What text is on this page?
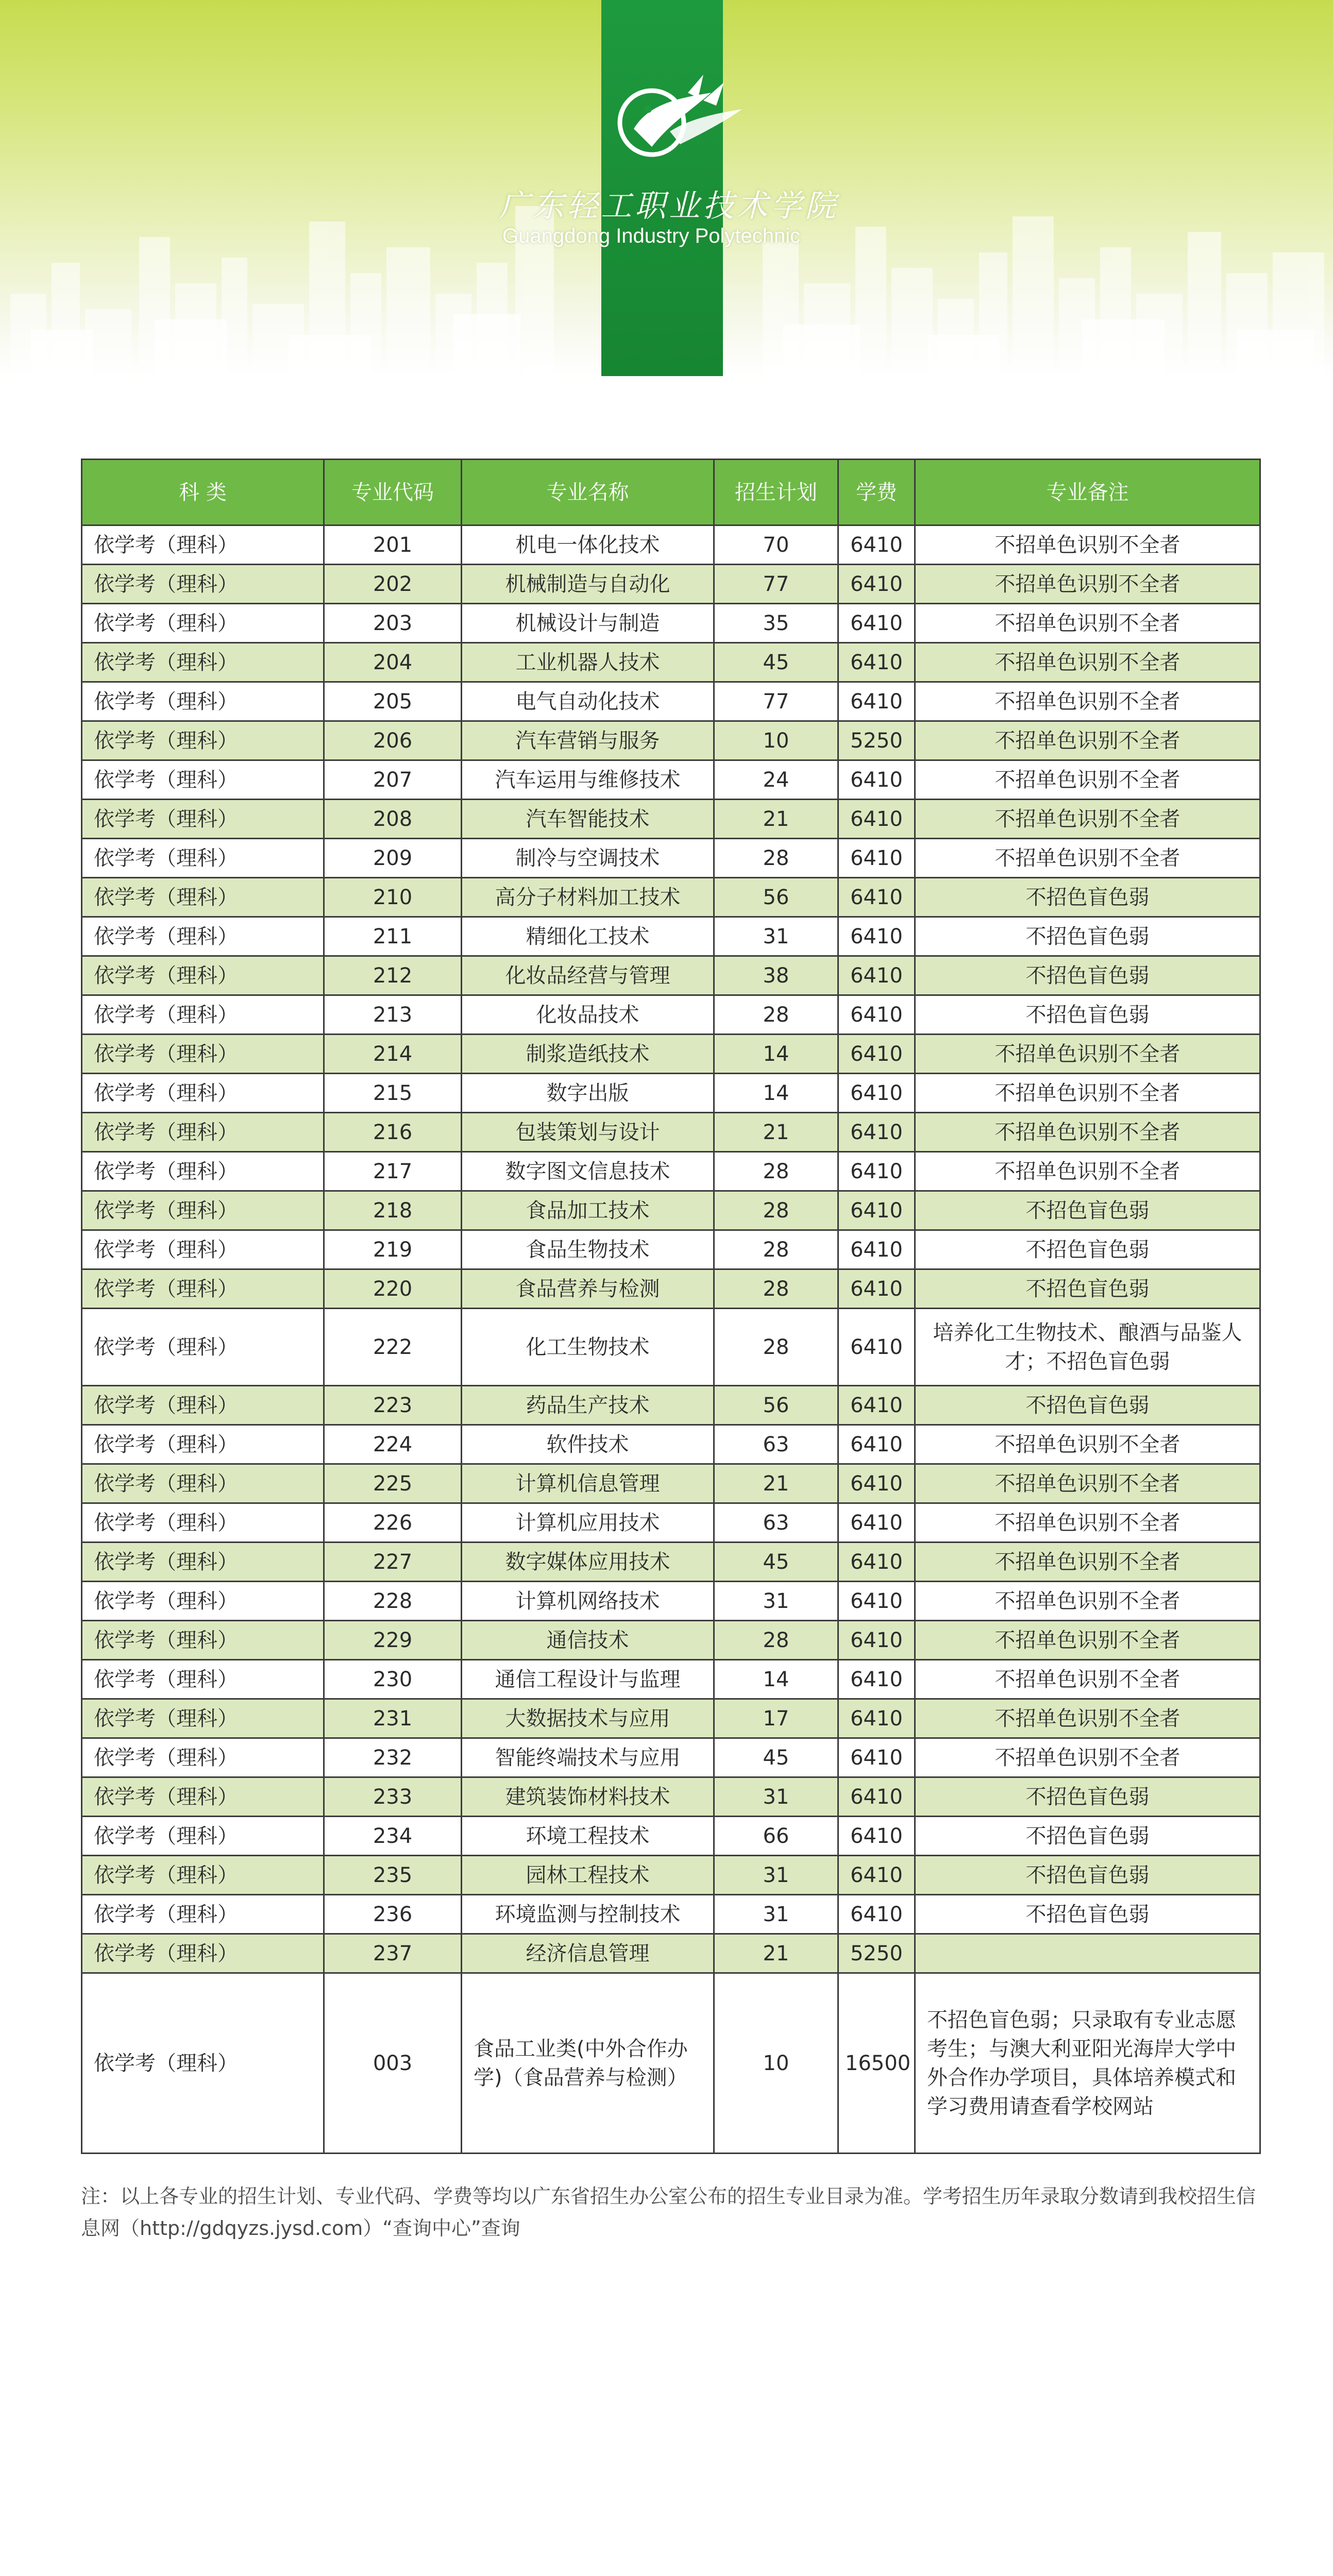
广东轻工职业技术学院
Guangdong Industry Polytechnic
科 类	专业代码	专业名称	招生计划	学费	专业备注
依学考（理科）	201	机电一体化技术	70	6410	不招单色识别不全者
依学考（理科）	202	机械制造与自动化	77	6410	不招单色识别不全者
依学考（理科）	203	机械设计与制造	35	6410	不招单色识别不全者
依学考（理科）	204	工业机器人技术	45	6410	不招单色识别不全者
依学考（理科）	205	电气自动化技术	77	6410	不招单色识别不全者
依学考（理科）	206	汽车营销与服务	10	5250	不招单色识别不全者
依学考（理科）	207	汽车运用与维修技术	24	6410	不招单色识别不全者
依学考（理科）	208	汽车智能技术	21	6410	不招单色识别不全者
依学考（理科）	209	制冷与空调技术	28	6410	不招单色识别不全者
依学考（理科）	210	高分子材料加工技术	56	6410	不招色盲色弱
依学考（理科）	211	精细化工技术	31	6410	不招色盲色弱
依学考（理科）	212	化妆品经营与管理	38	6410	不招色盲色弱
依学考（理科）	213	化妆品技术	28	6410	不招色盲色弱
依学考（理科）	214	制浆造纸技术	14	6410	不招单色识别不全者
依学考（理科）	215	数字出版	14	6410	不招单色识别不全者
依学考（理科）	216	包装策划与设计	21	6410	不招单色识别不全者
依学考（理科）	217	数字图文信息技术	28	6410	不招单色识别不全者
依学考（理科）	218	食品加工技术	28	6410	不招色盲色弱
依学考（理科）	219	食品生物技术	28	6410	不招色盲色弱
依学考（理科）	220	食品营养与检测	28	6410	不招色盲色弱
依学考（理科）	222	化工生物技术	28	6410	培养化工生物技术、酿酒与品鉴人才；不招色盲色弱
依学考（理科）	223	药品生产技术	56	6410	不招色盲色弱
依学考（理科）	224	软件技术	63	6410	不招单色识别不全者
依学考（理科）	225	计算机信息管理	21	6410	不招单色识别不全者
依学考（理科）	226	计算机应用技术	63	6410	不招单色识别不全者
依学考（理科）	227	数字媒体应用技术	45	6410	不招单色识别不全者
依学考（理科）	228	计算机网络技术	31	6410	不招单色识别不全者
依学考（理科）	229	通信技术	28	6410	不招单色识别不全者
依学考（理科）	230	通信工程设计与监理	14	6410	不招单色识别不全者
依学考（理科）	231	大数据技术与应用	17	6410	不招单色识别不全者
依学考（理科）	232	智能终端技术与应用	45	6410	不招单色识别不全者
依学考（理科）	233	建筑装饰材料技术	31	6410	不招色盲色弱
依学考（理科）	234	环境工程技术	66	6410	不招色盲色弱
依学考（理科）	235	园林工程技术	31	6410	不招色盲色弱
依学考（理科）	236	环境监测与控制技术	31	6410	不招色盲色弱
依学考（理科）	237	经济信息管理	21	5250	
依学考（理科）	003	食品工业类(中外合作办学)（食品营养与检测）	10	16500	不招色盲色弱；只录取有专业志愿考生；与澳大利亚阳光海岸大学中外合作办学项目，具体培养模式和学习费用请查看学校网站
注：以上各专业的招生计划、专业代码、学费等均以广东省招生办公室公布的招生专业目录为准。学考招生历年录取分数请到我校招生信息网（http://gdqyzs.jysd.com）“查询中心”查询
